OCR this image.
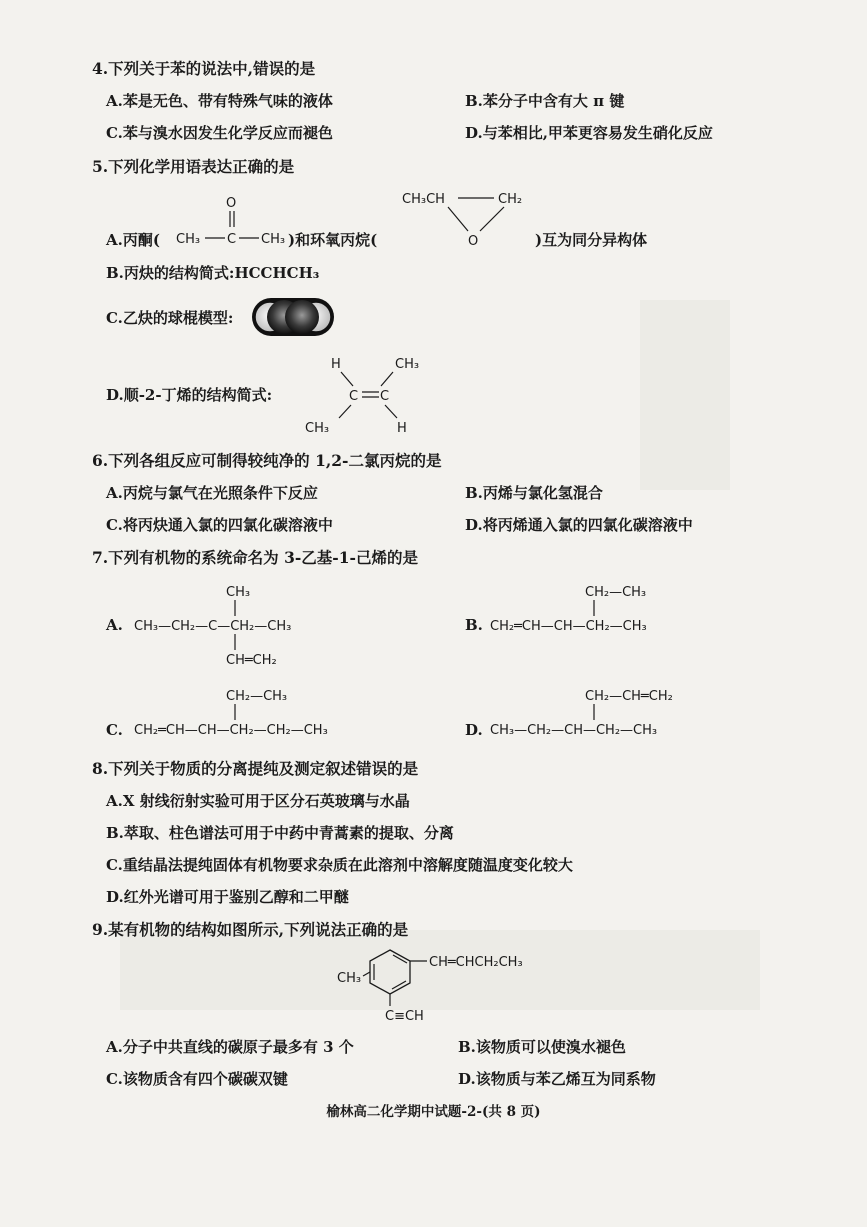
4.下列关于苯的说法中,错误的是
A.苯是无色、带有特殊气味的液体	B.苯分子中含有大 π 键
C.苯与溴水因发生化学反应而褪色	D.与苯相比,甲苯更容易发生硝化反应
5.下列化学用语表达正确的是
A.丙酮(
O
CH₃ C CH₃ )和环氧丙烷(
CH₃CH	CH₂
O	)互为同分异构体
B.丙炔的结构简式:HCCHCH₃
C.乙炔的球棍模型:
D.顺-2-丁烯的结构简式:
H	CH₃
C C
CH₃	H
6.下列各组反应可制得较纯净的 1,2-二氯丙烷的是
A.丙烷与氯气在光照条件下反应	B.丙烯与氯化氢混合
C.将丙炔通入氯的四氯化碳溶液中	D.将丙烯通入氯的四氯化碳溶液中
7.下列有机物的系统命名为 3-乙基-1-己烯的是
A.
CH₃
CH₃—CH₂—C—CH₂—CH₃
CH═CH₂
B.
CH₂—CH₃
CH₂═CH—CH—CH₂—CH₃
C.
CH₂—CH₃
CH₂═CH—CH—CH₂—CH₂—CH₃	D.
CH₂—CH═CH₂
CH₃—CH₂—CH—CH₂—CH₃
8.下列关于物质的分离提纯及测定叙述错误的是
A.X 射线衍射实验可用于区分石英玻璃与水晶
B.萃取、柱色谱法可用于中药中青蒿素的提取、分离
C.重结晶法提纯固体有机物要求杂质在此溶剂中溶解度随温度变化较大
D.红外光谱可用于鉴别乙醇和二甲醚
9.某有机物的结构如图所示,下列说法正确的是
CH═CHCH₂CH₃
CH₃
C≡CH
A.分子中共直线的碳原子最多有 3 个	B.该物质可以使溴水褪色
C.该物质含有四个碳碳双键	D.该物质与苯乙烯互为同系物
榆林高二化学期中试题-2-(共 8 页)
